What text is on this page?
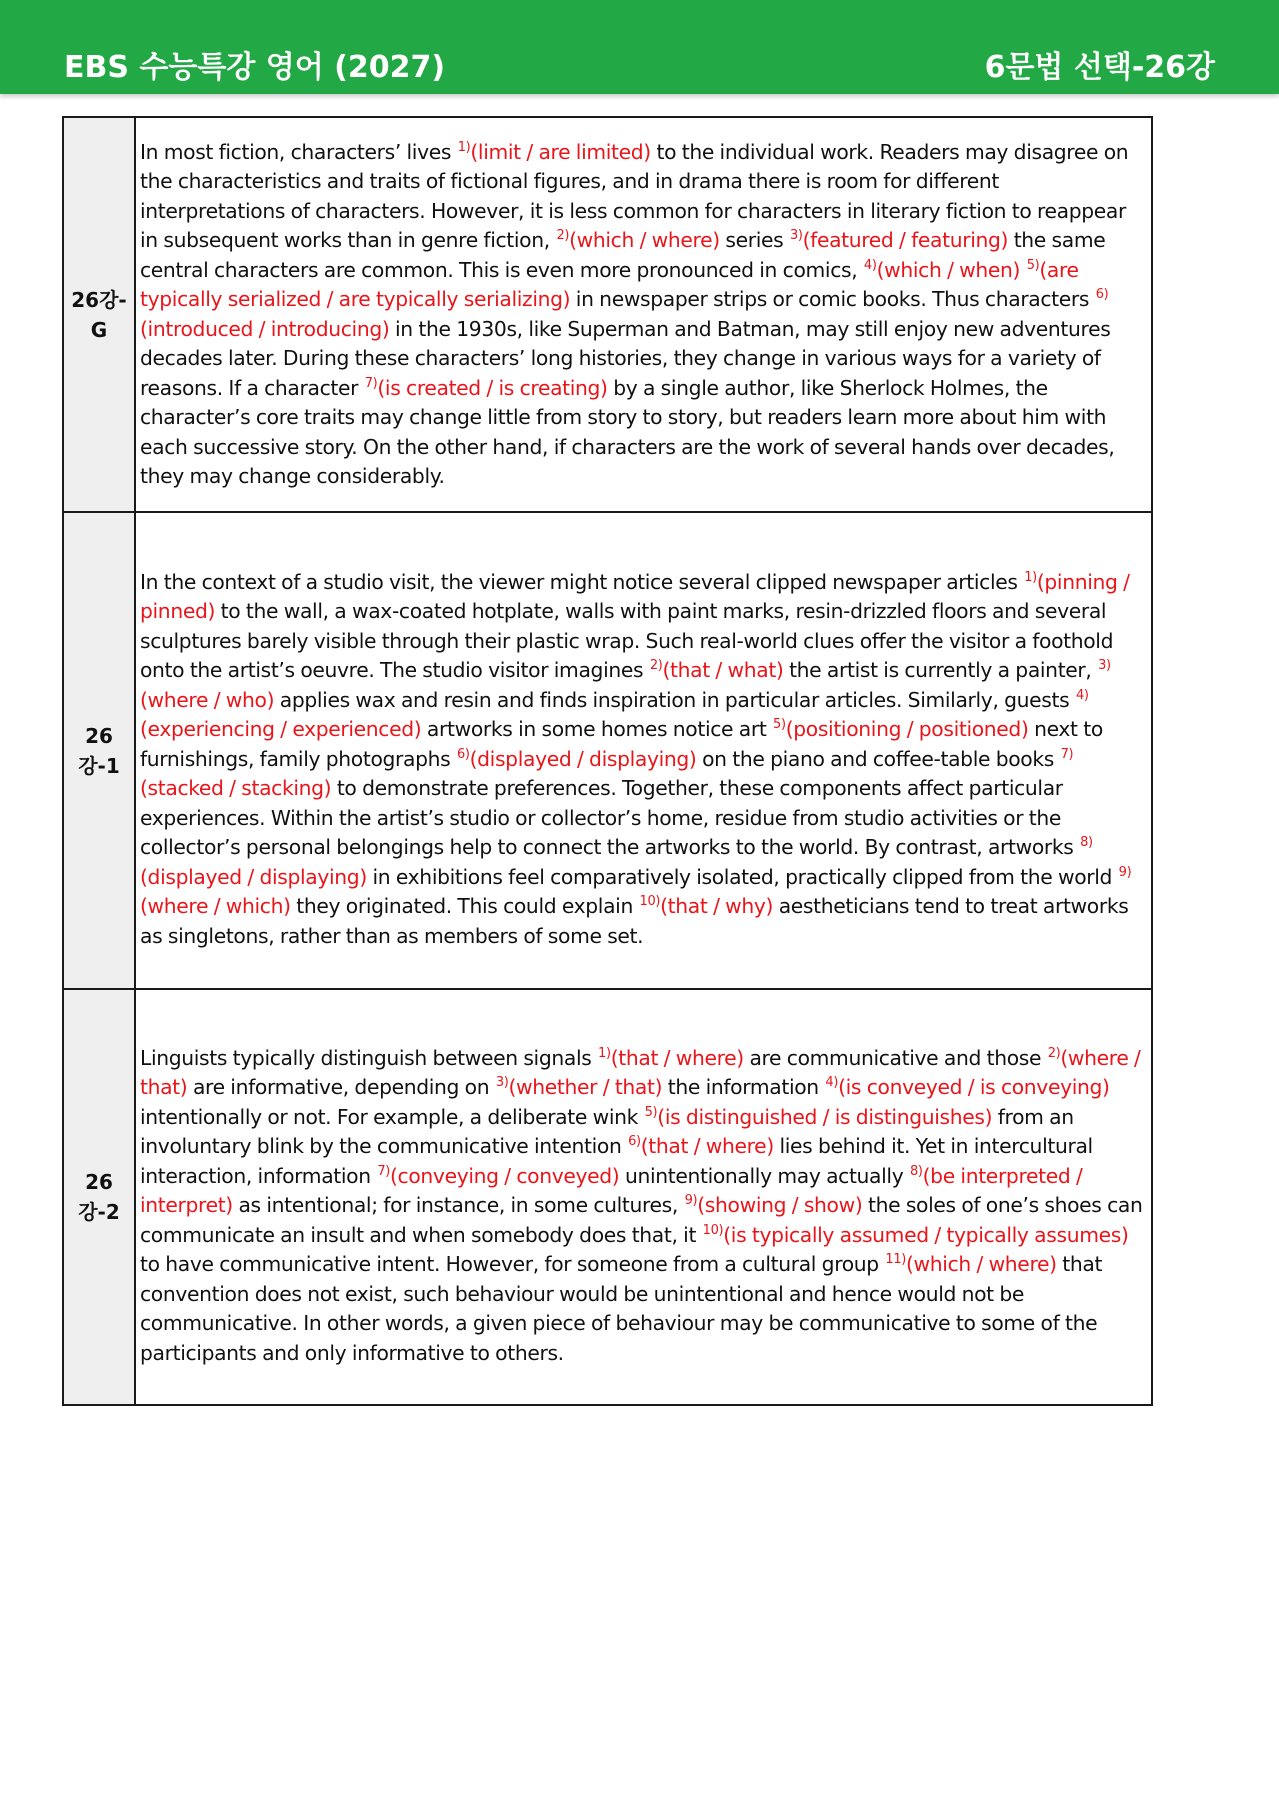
EBS 수능특강 영어 (2027)	6문법 선택-26강
26강-G	In most fiction, characters’ lives $^{1)}$(limit / are limited) to the individual work. Readers may disagree on the characteristics and traits of fictional figures, and in drama there is room for different interpretations of characters. However, it is less common for characters in literary fiction to reappear in subsequent works than in genre fiction, $^{2)}$(which / where) series $^{3)}$(featured / featuring) the same central characters are common. This is even more pronounced in comics, $^{4)}$(which / when) $^{5)}$(are typically serialized / are typically serializing) in newspaper strips or comic books. Thus characters $^{6)}$(introduced / introducing) in the 1930s, like Superman and Batman, may still enjoy new adventures decades later. During these characters’ long histories, they change in various ways for a variety of reasons. If a character $^{7)}$(is created / is creating) by a single author, like Sherlock Holmes, the character’s core traits may change little from story to story, but readers learn more about him with each successive story. On the other hand, if characters are the work of several hands over decades, they may change considerably.
26강-1	In the context of a studio visit, the viewer might notice several clipped newspaper articles $^{1)}$(pinning / pinned) to the wall, a wax-coated hotplate, walls with paint marks, resin-drizzled floors and several sculptures barely visible through their plastic wrap. Such real-world clues offer the visitor a foothold onto the artist’s oeuvre. The studio visitor imagines $^{2)}$(that / what) the artist is currently a painter, $^{3)}$(where / who) applies wax and resin and finds inspiration in particular articles. Similarly, guests $^{4)}$(experiencing / experienced) artworks in some homes notice art $^{5)}$(positioning / positioned) next to furnishings, family photographs $^{6)}$(displayed / displaying) on the piano and coffee-table books $^{7)}$(stacked / stacking) to demonstrate preferences. Together, these components affect particular experiences. Within the artist’s studio or collector’s home, residue from studio activities or the collector’s personal belongings help to connect the artworks to the world. By contrast, artworks $^{8)}$(displayed / displaying) in exhibitions feel comparatively isolated, practically clipped from the world $^{9)}$(where / which) they originated. This could explain $^{10)}$(that / why) aestheticians tend to treat artworks as singletons, rather than as members of some set.
26강-2	Linguists typically distinguish between signals $^{1)}$(that / where) are communicative and those $^{2)}$(where / that) are informative, depending on $^{3)}$(whether / that) the information $^{4)}$(is conveyed / is conveying) intentionally or not. For example, a deliberate wink $^{5)}$(is distinguished / is distinguishes) from an involuntary blink by the communicative intention $^{6)}$(that / where) lies behind it. Yet in intercultural interaction, information $^{7)}$(conveying / conveyed) unintentionally may actually $^{8)}$(be interpreted / interpret) as intentional; for instance, in some cultures, $^{9)}$(showing / show) the soles of one’s shoes can communicate an insult and when somebody does that, it $^{10)}$(is typically assumed / typically assumes) to have communicative intent. However, for someone from a cultural group $^{11)}$(which / where) that convention does not exist, such behaviour would be unintentional and hence would not be communicative. In other words, a given piece of behaviour may be communicative to some of the participants and only informative to others.
